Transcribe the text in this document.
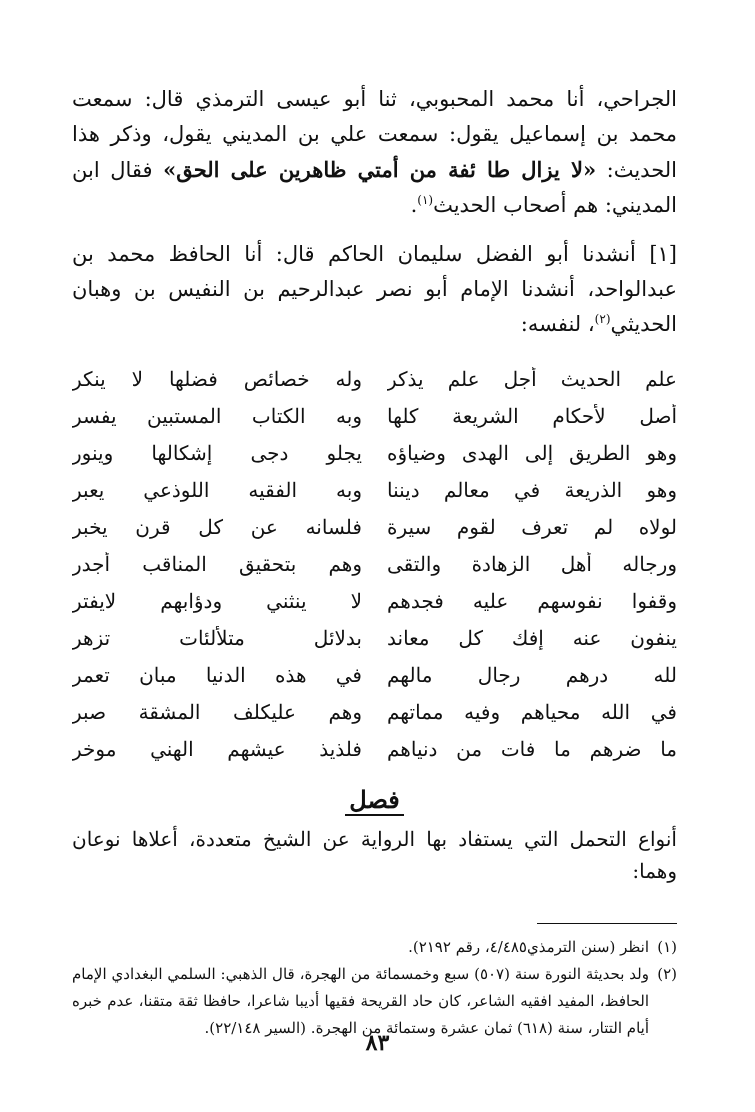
الجراحي، أنا محمد المحبوبي، ثنا أبو عيسى الترمذي قال: سمعت محمد بن إسماعيل يقول: سمعت علي بن المديني يقول، وذكر هذا الحديث: «لا يزال طا ئفة من أمتي ظاهرين على الحق» فقال ابن المديني: هم أصحاب الحديث$^{(١)}$.

[١] أنشدنا أبو الفضل سليمان الحاكم قال: أنا الحافظ محمد بن عبدالواحد، أنشدنا الإمام أبو نصر عبدالرحيم بن النفيس بن وهبان الحديثي$^{(٢)}$، لنفسه:

علم الحديث أجل علم يذكر
وله خصائص فضلها لا ينكر
أصل لأحكام الشريعة كلها
وبه الكتاب المستبين يفسر
وهو الطريق إلى الهدى وضياؤه
يجلو دجى إشكالها وينور
وهو الذريعة في معالم ديننا
وبه الفقيه اللوذعي يعبر
لولاه لم تعرف لقوم سيرة
فلسانه عن كل قرن يخبر
ورجاله أهل الزهادة والتقى
وهم بتحقيق المناقب أجدر
وقفوا نفوسهم عليه فجدهم
لا ينثني ودؤابهم لايفتر
ينفون عنه إفك كل معاند
بدلائل متلألئات تزهر
لله درهم رجال مالهم
في هذه الدنيا مبان تعمر
في الله محياهم وفيه مماتهم
وهم عليكلف المشقة صبر
ما ضرهم ما فات من دنياهم
فلذيذ عيشهم الهني موخر
فصل

أنواع التحمل التي يستفاد بها الرواية عن الشيخ متعددة، أعلاها نوعان وهما:

(١)
انظر (سنن الترمذي٤/٤٨٥، رقم ٢١٩٢).
(٢)
ولد بحديثة النورة سنة (٥٠٧) سبع وخمسمائة من الهجرة، قال الذهبي: السلمي البغدادي الإمام الحافظ، المفيد افقيه الشاعر، كان حاد القريحة فقيها أديبا شاعرا، حافظا ثقة متقنا، عدم خبره أيام التتار، سنة (٦١٨) ثمان عشرة وستمائة من الهجرة. (السير ٢٢/١٤٨).
٨٣
